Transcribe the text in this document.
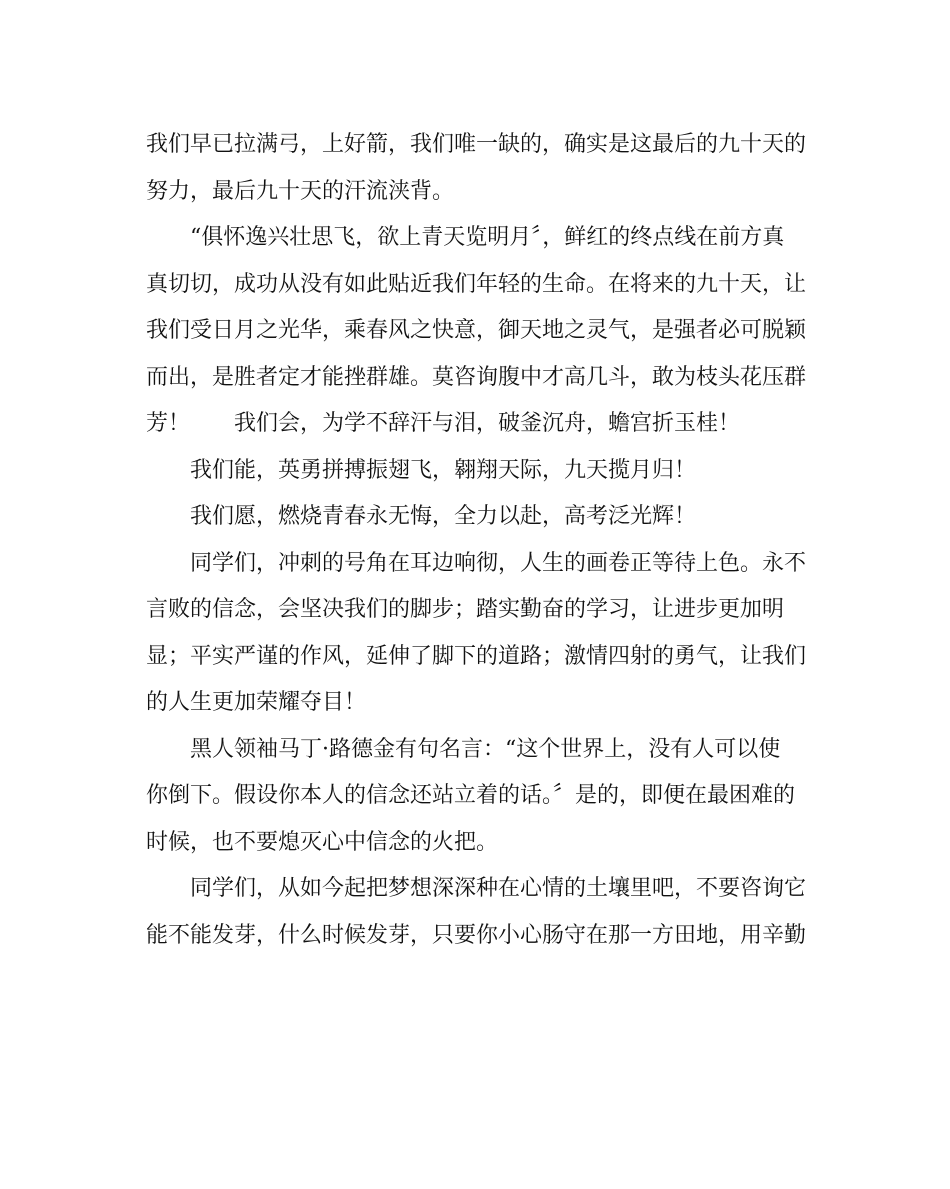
我们早已拉满弓，上好箭，我们唯一缺的，确实是这最后的九十天的
努力，最后九十天的汗流浃背。
“俱怀逸兴壮思飞，欲上青天览明月〞，鲜红的终点线在前方真
真切切，成功从没有如此贴近我们年轻的生命。在将来的九十天，让
我们受日月之光华，乘春风之快意，御天地之灵气，是强者必可脱颖
而出，是胜者定才能挫群雄。莫咨询腹中才高几斗，敢为枝头花压群
芳！　　我们会，为学不辞汗与泪，破釜沉舟，蟾宫折玉桂！
我们能，英勇拼搏振翅飞，翱翔天际，九天揽月归！
我们愿，燃烧青春永无悔，全力以赴，高考泛光辉！
同学们，冲刺的号角在耳边响彻，人生的画卷正等待上色。永不
言败的信念，会坚决我们的脚步；踏实勤奋的学习，让进步更加明
显；平实严谨的作风，延伸了脚下的道路；激情四射的勇气，让我们
的人生更加荣耀夺目！
黑人领袖马丁·路德金有句名言：“这个世界上，没有人可以使
你倒下。假设你本人的信念还站立着的话。〞是的，即便在最困难的
时候，也不要熄灭心中信念的火把。
同学们，从如今起把梦想深深种在心情的土壤里吧，不要咨询它
能不能发芽，什么时候发芽，只要你小心肠守在那一方田地，用辛勤
